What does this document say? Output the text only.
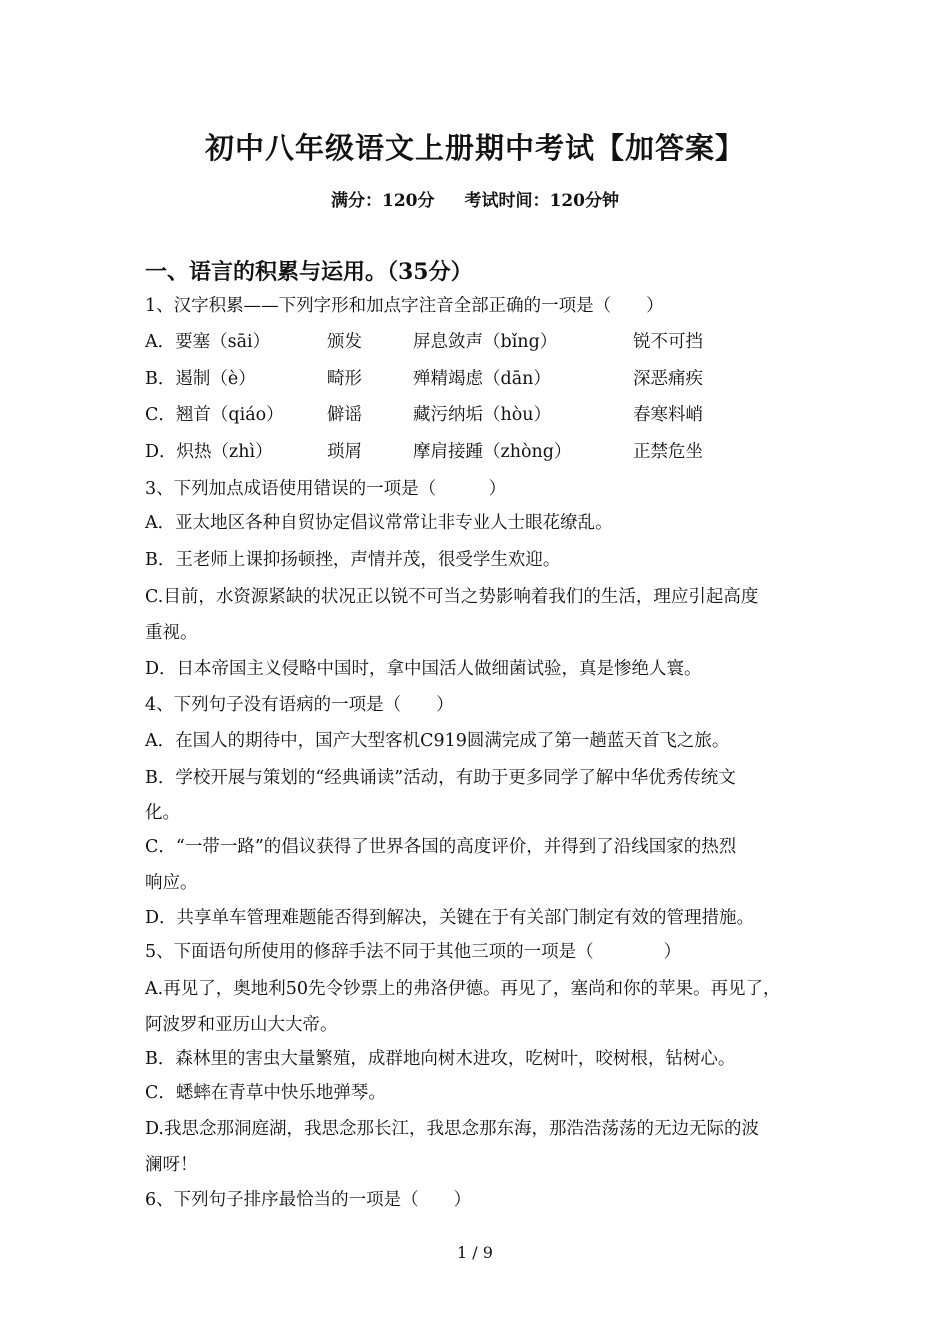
初中八年级语文上册期中考试【加答案】
满分：120分 考试时间：120分钟
一、语言的积累与运用。（35分）
1、汉字积累——下列字形和加点字注音全部正确的一项是（　　）
A．要塞（sāi）	颁发	屏息敛声（bǐng）	锐不可挡
B．遏制（è）	畸形	殚精竭虑（dān）	深恶痛疾
C．翘首（qiáo） 僻谣	藏污纳垢（hòu）	春寒料峭
D．炽热（zhì）	琐屑	摩肩接踵（zhòng）	正禁危坐
3、下列加点成语使用错误的一项是（　　　）
A．亚太地区各种自贸协定倡议常常让非专业人士眼花缭乱。
B．王老师上课抑扬顿挫，声情并茂，很受学生欢迎。
C.目前，水资源紧缺的状况正以锐不可当之势影响着我们的生活，理应引起高度
重视。
D．日本帝国主义侵略中国时，拿中国活人做细菌试验，真是惨绝人寰。
4、下列句子没有语病的一项是（　　）
A．在国人的期待中，国产大型客机C919圆满完成了第一趟蓝天首飞之旅。
B．学校开展与策划的“经典诵读”活动，有助于更多同学了解中华优秀传统文
化。
C．“一带一路”的倡议获得了世界各国的高度评价，并得到了沿线国家的热烈
响应。
D．共享单车管理难题能否得到解决，关键在于有关部门制定有效的管理措施。
5、下面语句所使用的修辞手法不同于其他三项的一项是（　　　　）
A.再见了，奥地利50先令钞票上的弗洛伊德。再见了，塞尚和你的苹果。再见了，
阿波罗和亚历山大大帝。
B．森林里的害虫大量繁殖，成群地向树木进攻，吃树叶，咬树根，钻树心。
C．蟋蟀在青草中快乐地弹琴。
D.我思念那洞庭湖，我思念那长江，我思念那东海，那浩浩荡荡的无边无际的波
澜呀！
6、下列句子排序最恰当的一项是（　　）
1 / 9
